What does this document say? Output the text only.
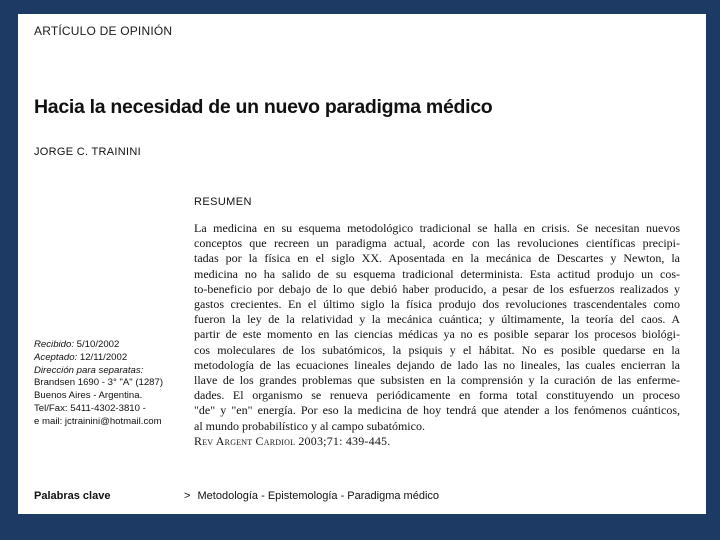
ARTÍCULO DE OPINIÓN
Hacia la necesidad de un nuevo paradigma médico
JORGE C. TRAININI
RESUMEN
La medicina en su esquema metodológico tradicional se halla en crisis. Se necesitan nuevos
conceptos que recreen un paradigma actual, acorde con las revoluciones científicas precipi-
tadas por la física en el siglo XX. Aposentada en la mecánica de Descartes y Newton, la
medicina no ha salido de su esquema tradicional determinista. Esta actitud produjo un cos-
to-beneficio por debajo de lo que debió haber producido, a pesar de los esfuerzos realizados y
gastos crecientes. En el último siglo la física produjo dos revoluciones trascendentales como
fueron la ley de la relatividad y la mecánica cuántica; y últimamente, la teoría del caos. A
partir de este momento en las ciencias médicas ya no es posible separar los procesos biológi-
cos moleculares de los subatómicos, la psiquis y el hábitat. No es posible quedarse en la
metodología de las ecuaciones lineales dejando de lado las no lineales, las cuales encierran la
llave de los grandes problemas que subsisten en la comprensión y la curación de las enferme-
dades. El organismo se renueva periódicamente en forma total constituyendo un proceso
"de" y "en" energía. Por eso la medicina de hoy tendrá que atender a los fenómenos cuánticos,
al mundo probabilístico y al campo subatómico.
Rev Argent Cardiol 2003;71: 439-445.
Recibido: 5/10/2002
Aceptado: 12/11/2002
Dirección para separatas:
Brandsen 1690 - 3° "A" (1287)
Buenos Aires - Argentina.
Tel/Fax: 5411-4302-3810 -
e mail: jctrainini@hotmail.com
Palabras clave	> Metodología - Epistemología - Paradigma médico
